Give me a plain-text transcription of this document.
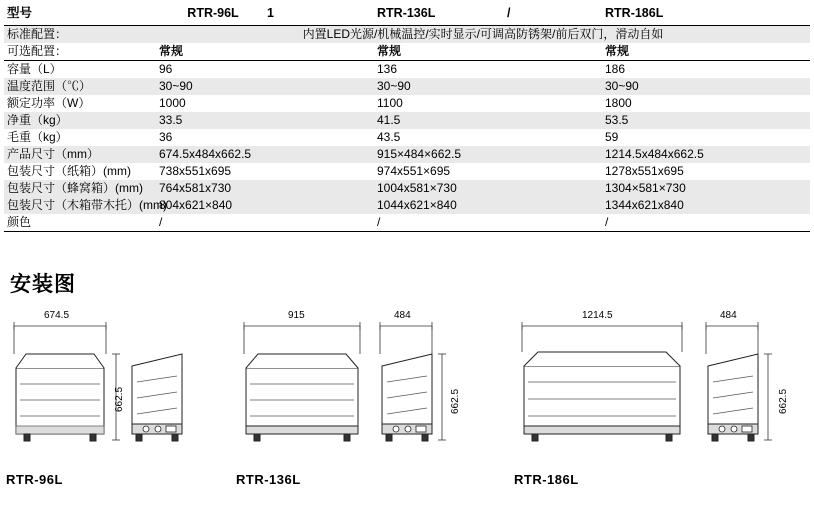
型号	RTR-96L 1	RTR-136L /	RTR-186L
标准配置：	内置LED光源/机械温控/实时显示/可调高防锈架/前后双门，滑动自如		
可选配置：	常规	常规	常规
容量（L）	96	136	186
温度范围（℃）	30~90	30~90	30~90
额定功率（W）	1000	1100	1800
净重（kg）	33.5	41.5	53.5
毛重（kg）	36	43.5	59
产品尺寸（mm）	674.5x484x662.5	915×484×662.5	1214.5x484x662.5
包装尺寸（纸箱）(mm)	738x551x695	974x551×695	1278x551x695
包装尺寸（蜂窝箱）(mm)	764x581x730	1004x581×730	1304×581×730
包装尺寸（木箱带木托）(mm)	804x621×840	1044x621×840	1344x621x840
颜色	/	/	/
安装图
674.5
662.5
RTR-96L
915	484
662.5
RTR-136L
1214.5	484
662.5
RTR-186L
